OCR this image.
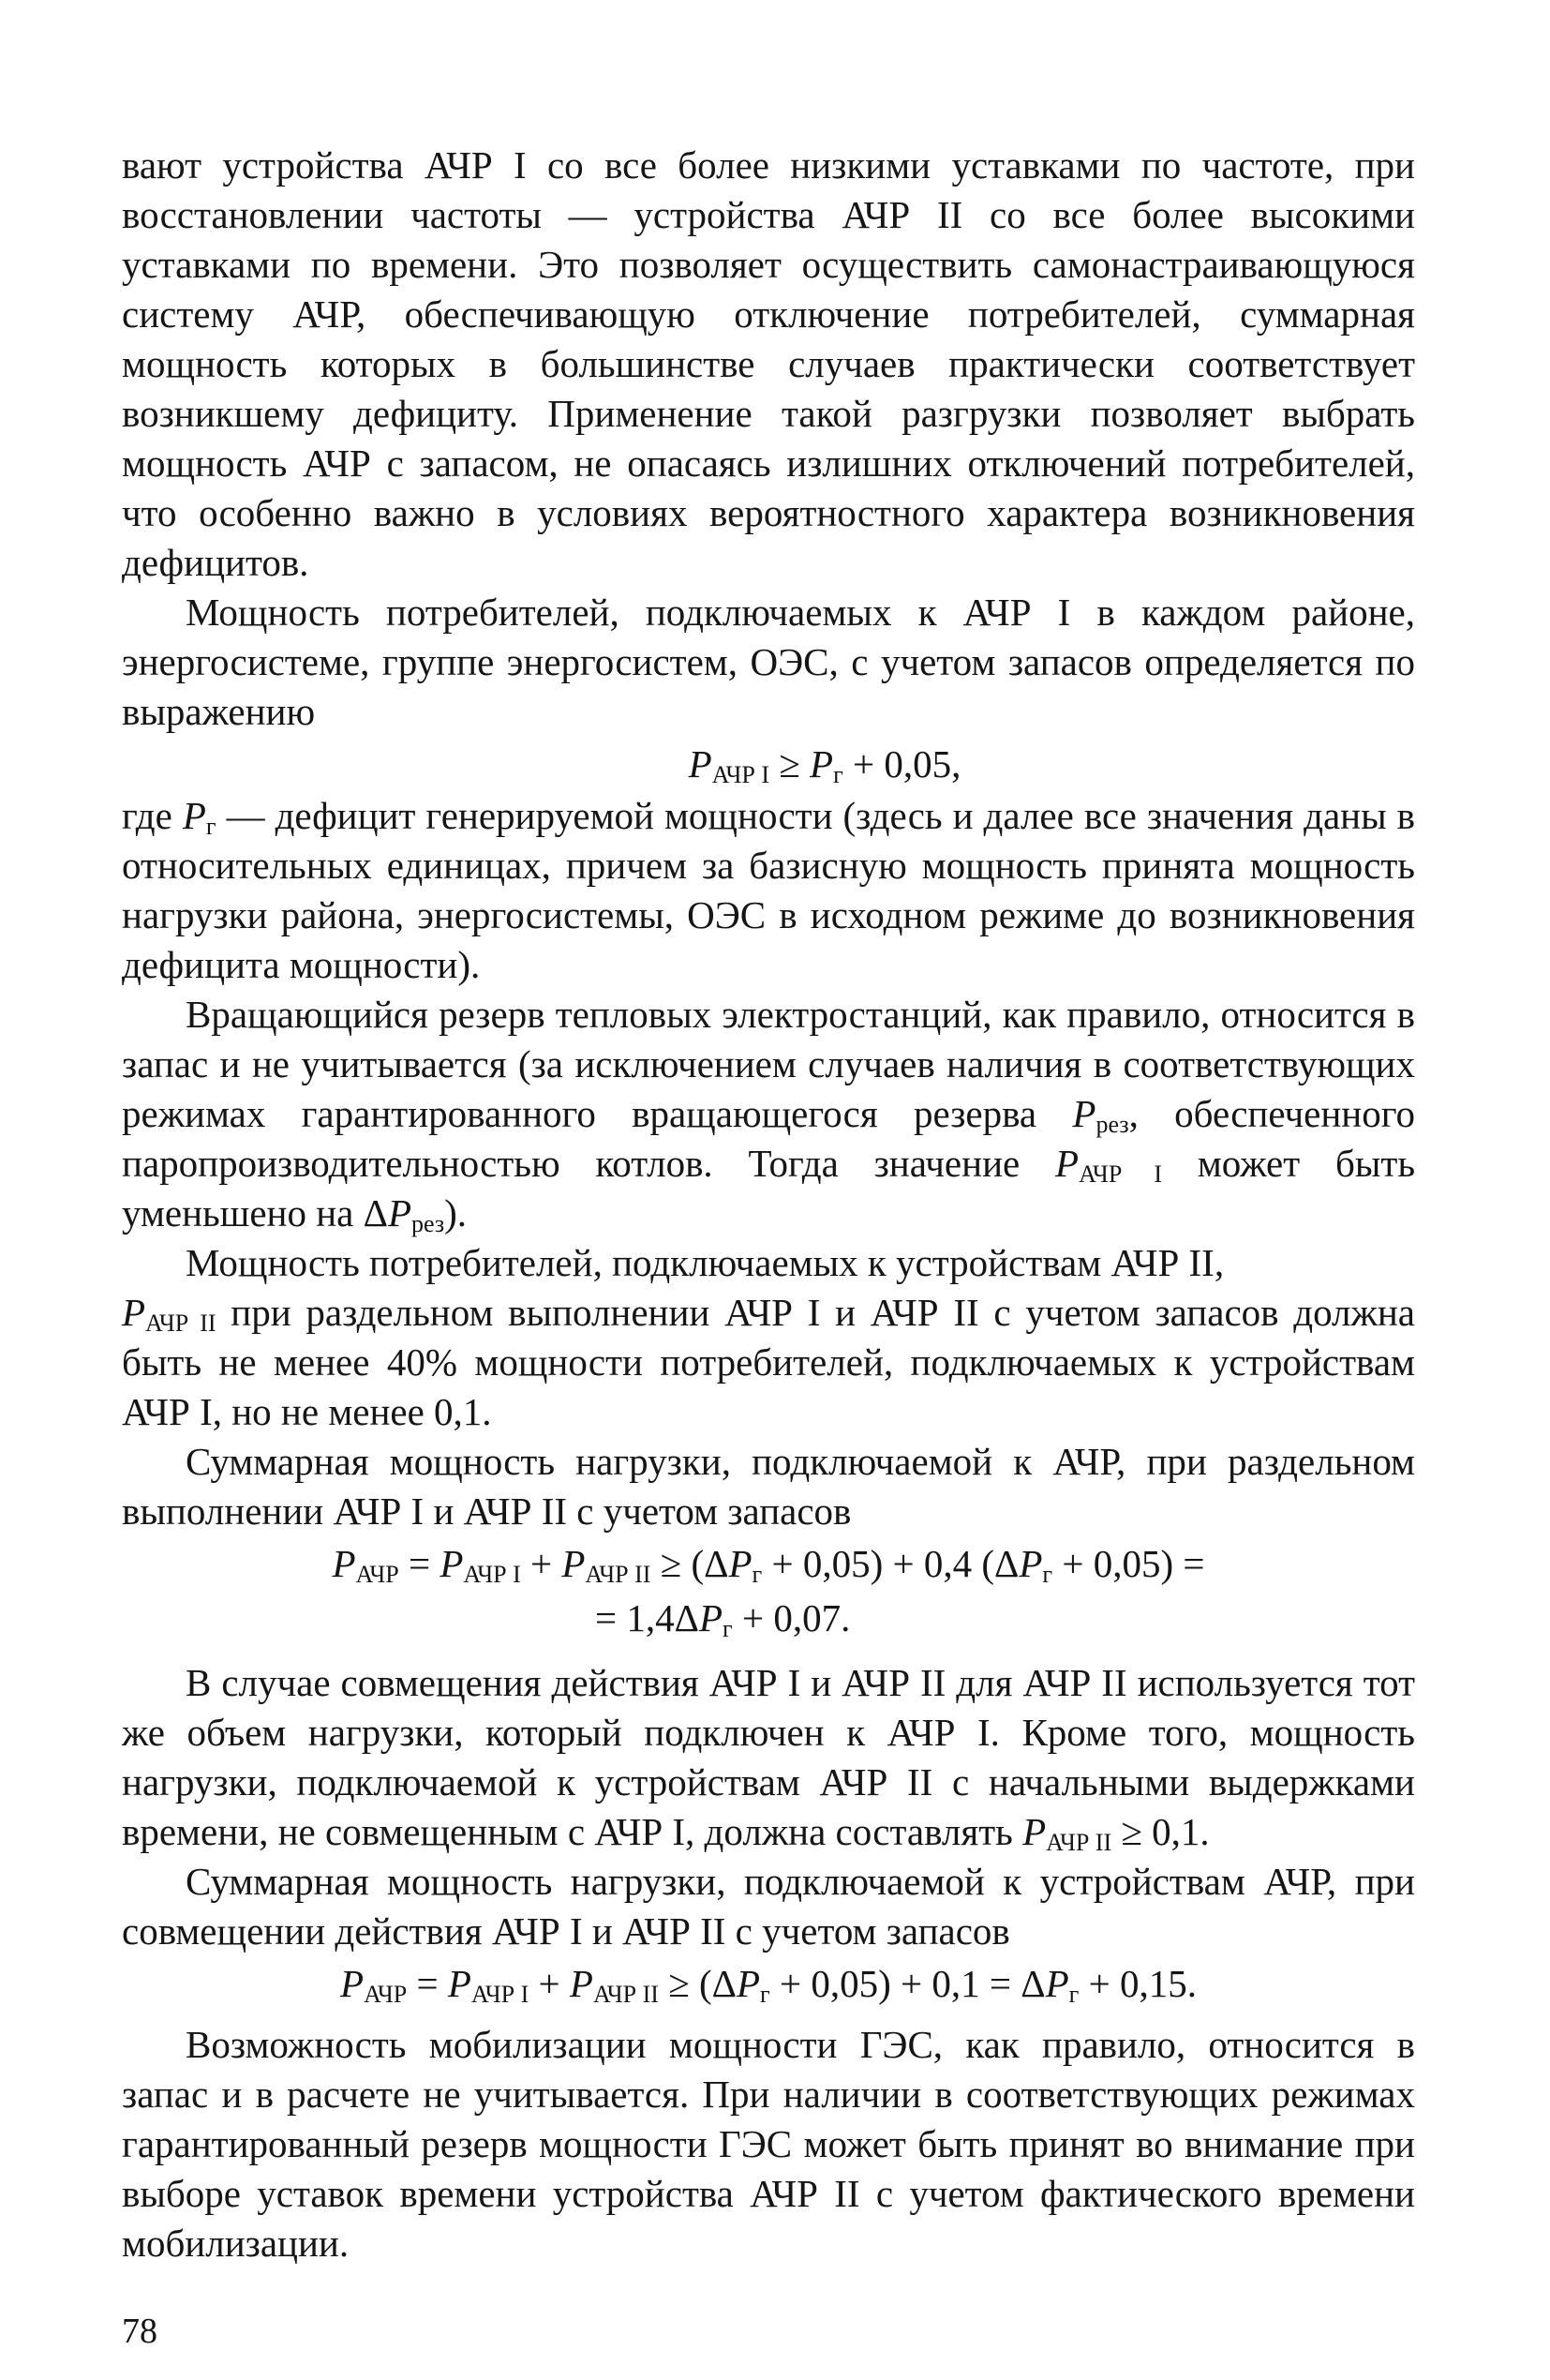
вают устройства АЧР I со все более низкими уставками по частоте, при восстановлении частоты — устройства АЧР II со все более высокими уставками по времени. Это позволяет осуществить самонастраивающуюся систему АЧР, обеспечивающую отключение потребителей, суммарная мощность которых в большинстве случаев практически соответствует возникшему дефициту. Применение такой разгрузки позволяет выбрать мощность АЧР с запасом, не опасаясь излишних отключений потребителей, что особенно важно в условиях вероятностного характера возникновения дефицитов.

Мощность потребителей, подключаемых к АЧР I в каждом районе, энергосистеме, группе энергосистем, ОЭС, с учетом запасов определяется по выражению

$P_{АЧР I} \ge P_г + 0,05$,

где $P_г$ — дефицит генерируемой мощности (здесь и далее все значения даны в относительных единицах, причем за базисную мощность принята мощность нагрузки района, энергосистемы, ОЭС в исходном режиме до возникновения дефицита мощности).

Вращающийся резерв тепловых электростанций, как правило, относится в запас и не учитывается (за исключением случаев наличия в соответствующих режимах гарантированного вращающегося резерва $P_{рез}$, обеспеченного паропроизводительностью котлов. Тогда значение $P_{АЧР I}$ может быть уменьшено на $\Delta P_{рез}$).

Мощность потребителей, подключаемых к устройствам АЧР II,
$P_{АЧР II}$ при раздельном выполнении АЧР I и АЧР II с учетом запасов должна быть не менее 40% мощности потребителей, подключаемых к устройствам АЧР I, но не менее 0,1.

Суммарная мощность нагрузки, подключаемой к АЧР, при раздельном выполнении АЧР I и АЧР II с учетом запасов

$P_{АЧР} = P_{АЧР I} + P_{АЧР II} \ge (\Delta P_г + 0,05) + 0,4$ $(\Delta P_г + 0,05)$ =

= $1,4\Delta P_г + 0,07$.

В случае совмещения действия АЧР I и АЧР II для АЧР II используется тот же объем нагрузки, который подключен к АЧР I. Кроме того, мощность нагрузки, подключаемой к устройствам АЧР II с начальными выдержками времени, не совмещенным с АЧР I, должна составлять $P_{АЧР II} \ge 0,1$.

Суммарная мощность нагрузки, подключаемой к устройствам АЧР, при совмещении действия АЧР I и АЧР II с учетом запасов

$P_{АЧР} = P_{АЧР I} + P_{АЧР II} \ge (\Delta P_г + 0,05) + 0,1 = \Delta P_г + 0,15$.

Возможность мобилизации мощности ГЭС, как правило, относится в запас и в расчете не учитывается. При наличии в соответствующих режимах гарантированный резерв мощности ГЭС может быть принят во внимание при выборе уставок времени устройства АЧР II с учетом фактического времени мобилизации.

78
